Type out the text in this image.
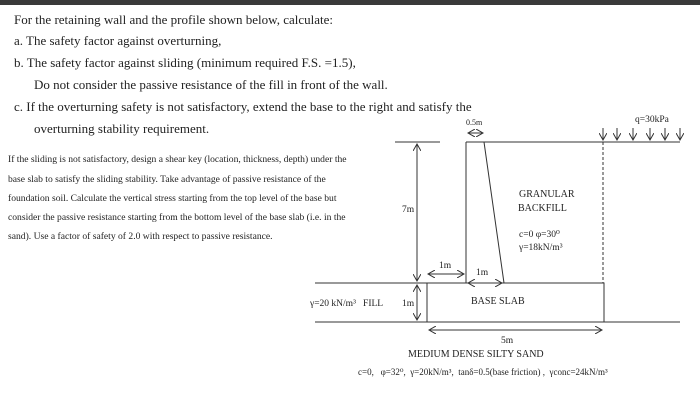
For the retaining wall and the profile shown below, calculate:
a. The safety factor against overturning,
b. The safety factor against sliding (minimum required F.S. =1.5),
Do not consider the passive resistance of the fill in front of the wall.
c. If the overturning safety is not satisfactory, extend the base to the right and satisfy the
overturning stability requirement.
If the sliding is not satisfactory, design a shear key (location, thickness, depth) under the
base slab to satisfy the sliding stability. Take advantage of passive resistance of the
foundation soil. Calculate the vertical stress starting from the top level of the base but
consider the passive resistance starting from the bottom level of the base slab (i.e. in the
sand). Use a factor of safety of 2.0 with respect to passive resistance.
0.5m	q=30kPa
7m
1m
1m
GRANULAR
BACKFILL
c=0 φ=30⁰
γ=18kN/m³
γ=20 kN/m³   FILL 1m	BASE SLAB
5m
MEDIUM DENSE SILTY SAND
c=0,   φ=32⁰,  γ=20kN/m³,  tanδ=0.5(base friction) ,  γconc=24kN/m³
